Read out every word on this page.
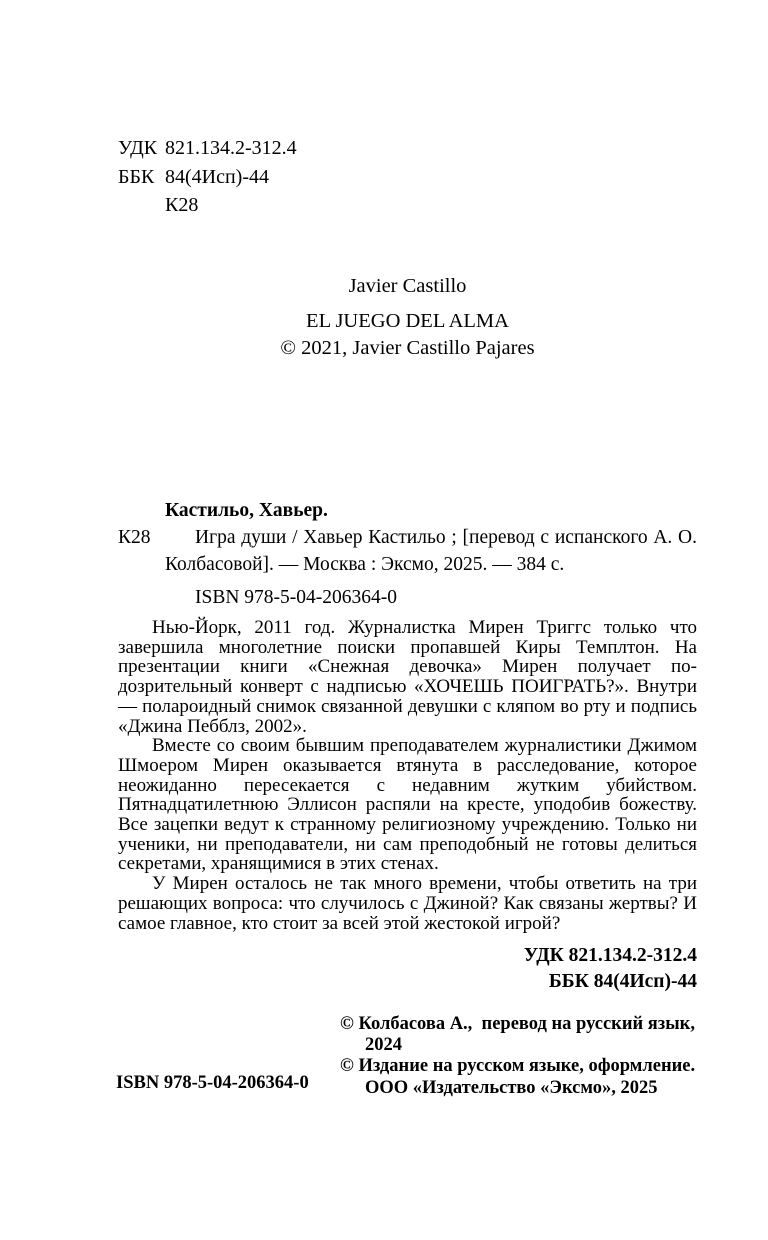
УДК 821.134.2-312.4
ББК 84(4Исп)-44
К28
Javier Castillo
EL JUEGO DEL ALMA
© 2021, Javier Castillo Pajares
Кастильо, Хавьер.

К28 Игра души / Хавьер Кастильо ; [перевод с испанского А. О. Колбасовой]. — Москва : Эксмо, 2025. — 384 с.

ISBN 978-5-04-206364-0

Нью-Йорк, 2011 год. Журналистка Мирен Триггс только что завершила многолетние поиски пропавшей Киры Темплтон. На презентации книги «Снежная девочка» Мирен получает подозрительный конверт с надписью «ХОЧЕШЬ ПОИГРАТЬ?». Внутри — полароидный снимок связанной девушки с кляпом во рту и подпись «Джина Пебблз, 2002».

Вместе со своим бывшим преподавателем журналистики Джимом Шмоером Мирен оказывается втянута в расследование, которое неожиданно пересекается с недавним жутким убийством. Пятнадцатилетнюю Эллисон распяли на кресте, уподобив божеству. Все зацепки ведут к странному религиозному учреждению. Только ни ученики, ни преподаватели, ни сам преподобный не готовы делиться секретами, хранящимися в этих стенах.

У Мирен осталось не так много времени, чтобы ответить на три решающих вопроса: что случилось с Джиной? Как связаны жертвы? И самое главное, кто стоит за всей этой жестокой игрой?

УДК 821.134.2-312.4
ББК 84(4Исп)-44
© Колбасова А.,  перевод на русский язык,
2024
© Издание на русском языке, оформление.
ООО «Издательство «Эксмо», 2025
ISBN 978-5-04-206364-0
